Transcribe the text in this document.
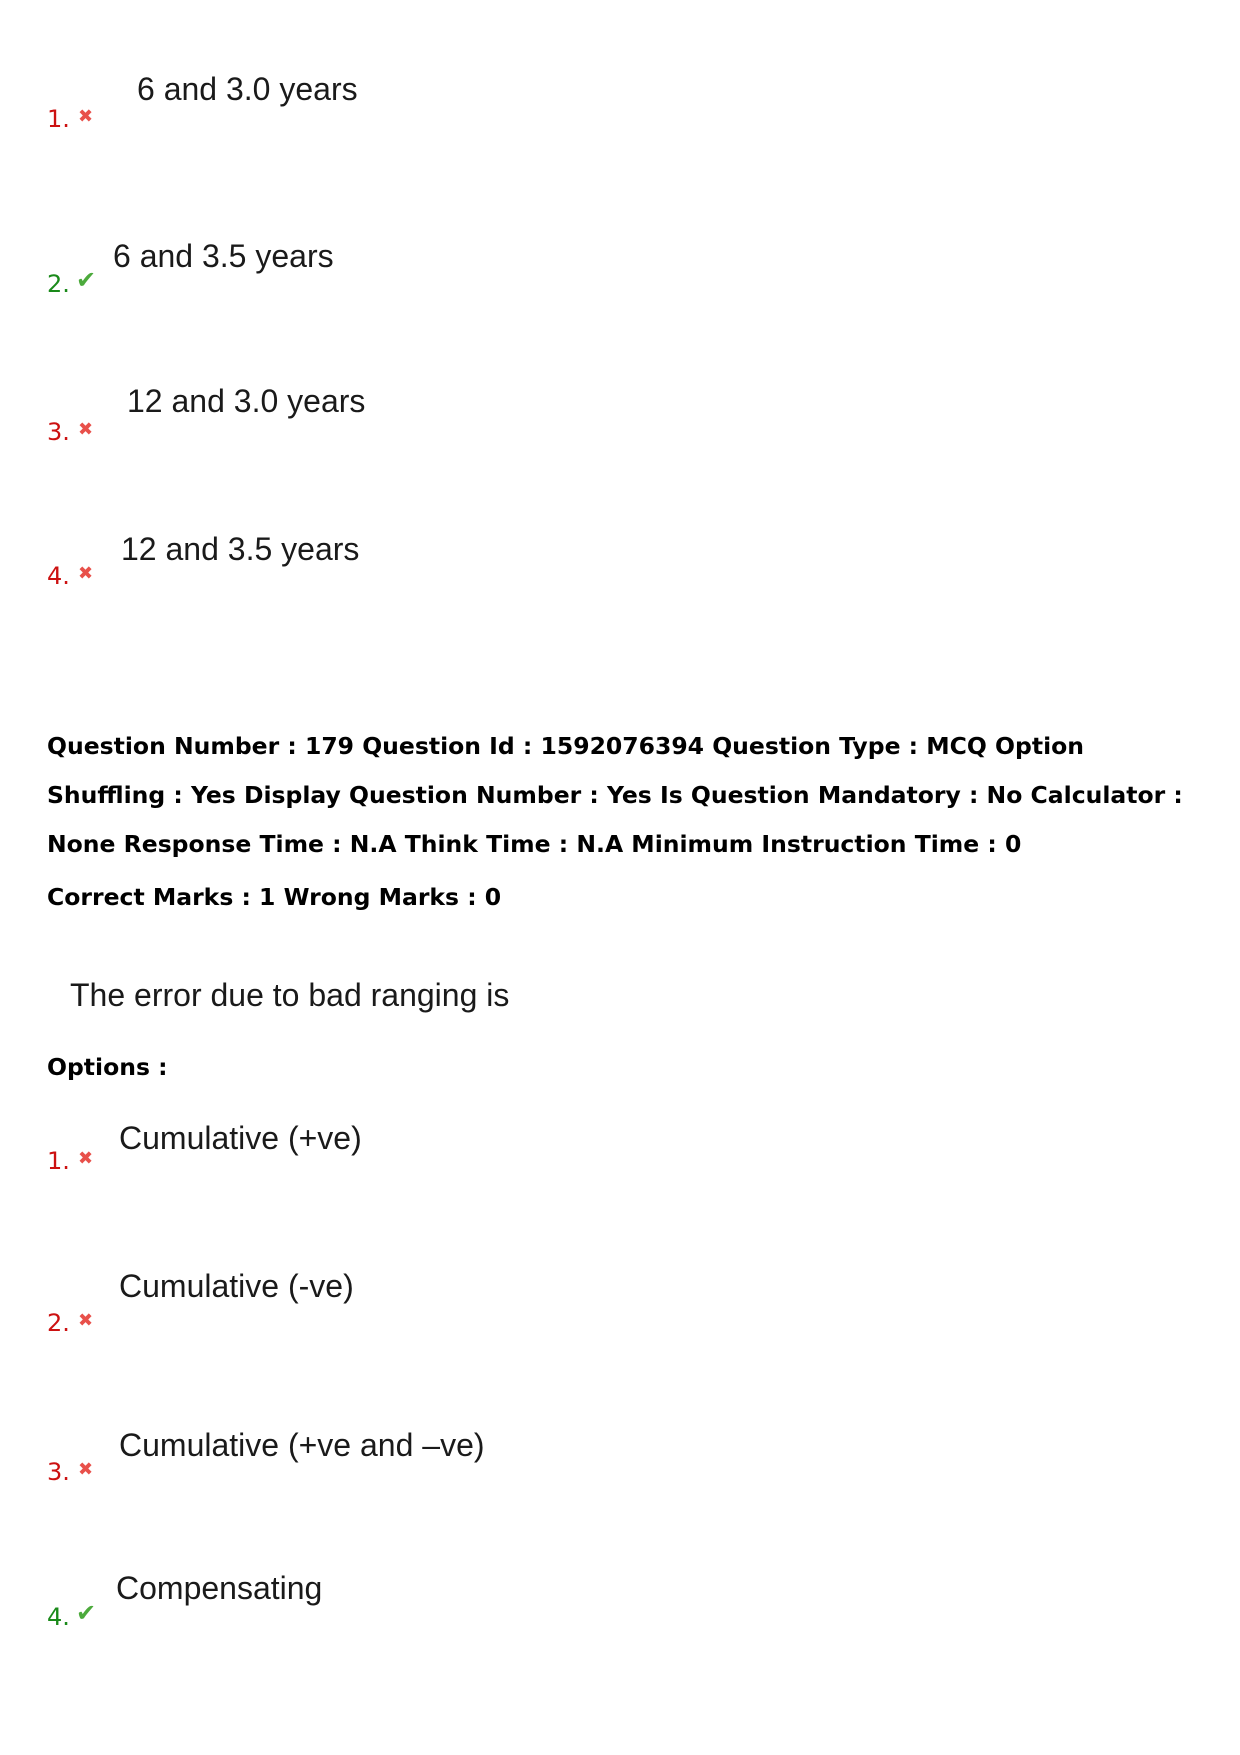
1. ✖
6 and 3.0 years
2. ✔
6 and 3.5 years
3. ✖
12 and 3.0 years
4. ✖
12 and 3.5 years

Question Number : 179 Question Id : 1592076394 Question Type : MCQ Option Shuffling : Yes Display Question Number : Yes Is Question Mandatory : No Calculator : None Response Time : N.A Think Time : N.A Minimum Instruction Time : 0

Correct Marks : 1 Wrong Marks : 0

The error due to bad ranging is

Options :

1. ✖
Cumulative (+ve)
2. ✖
Cumulative (-ve)
3. ✖
Cumulative (+ve and –ve)
4. ✔
Compensating
